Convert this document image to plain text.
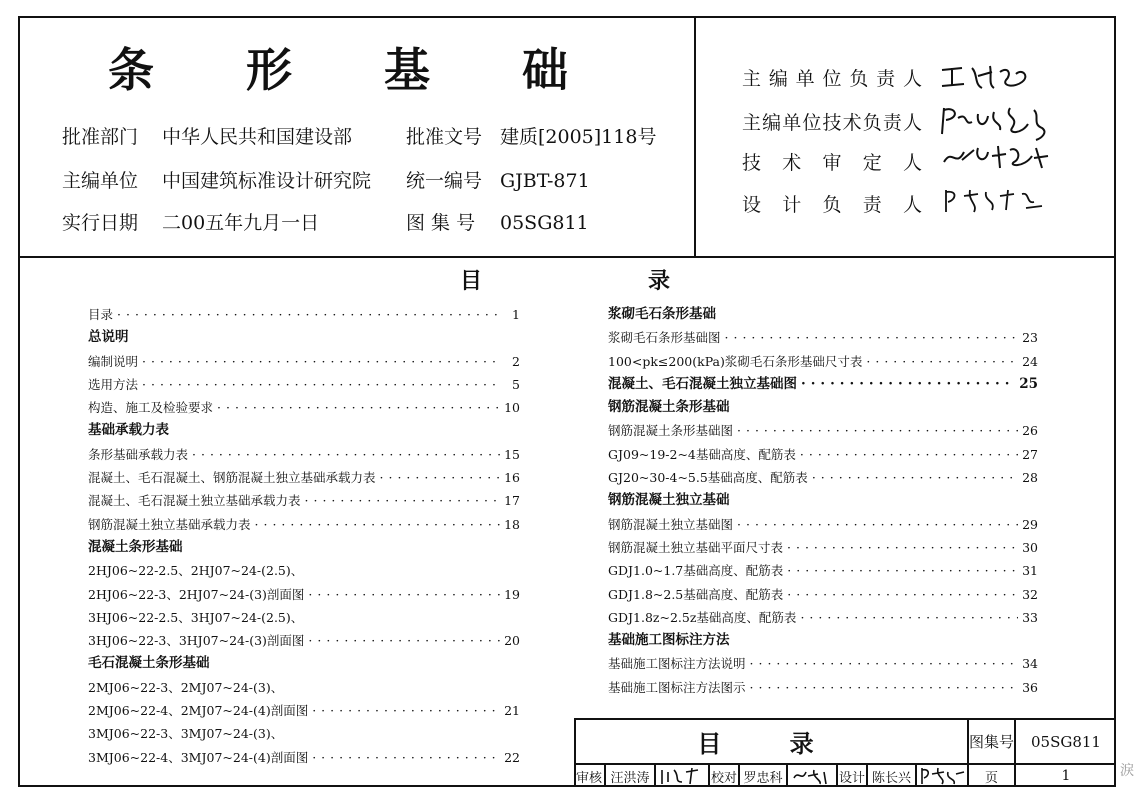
条 形 基 础
批准部门 中华人民共和国建设部	批准文号 建质[2005]118号
主编单位 中国建筑标准设计研究院 统一编号 GJBT-871
实行日期 二00五年九月一日	图 集 号 05SG811
主编单位负责人
主编单位技术负责人
技术审定人
设计负责人
目	录
目录 ·····	1
总说明
编制说明 ·····	2
选用方法 ·····	5
构造、施工及检验要求 ·····	10
基础承载力表
条形基础承载力表 ·····	15
混凝土、毛石混凝土、钢筋混凝土独立基础承载力表 ·····	16
混凝土、毛石混凝土独立基础承载力表 ·····	17
钢筋混凝土独立基础承载力表 ·····	18
混凝土条形基础
2HJ06~22-2.5、2HJ07~24-(2.5)、
2HJ06~22-3、2HJ07~24-(3)剖面图 ·····	19
3HJ06~22-2.5、3HJ07~24-(2.5)、
3HJ06~22-3、3HJ07~24-(3)剖面图 ·····	20
毛石混凝土条形基础
2MJ06~22-3、2MJ07~24-(3)、
2MJ06~22-4、2MJ07~24-(4)剖面图 ·····	21
3MJ06~22-3、3MJ07~24-(3)、
3MJ06~22-4、3MJ07~24-(4)剖面图 ·····	22
浆砌毛石条形基础
浆砌毛石条形基础图 ·····	23
100<pk≤200(kPa)浆砌毛石条形基础尺寸表 ·····	24
混凝土、毛石混凝土独立基础图 ·····	25
钢筋混凝土条形基础
钢筋混凝土条形基础图 ·····	26
GJ09~19-2~4基础高度、配筋表 ·····	27
GJ20~30-4~5.5基础高度、配筋表 ·····	28
钢筋混凝土独立基础
钢筋混凝土独立基础图 ·····	29
钢筋混凝土独立基础平面尺寸表 ·····	30
GDJ1.0~1.7基础高度、配筋表 ·····	31
GDJ1.8~2.5基础高度、配筋表 ·····	32
GDJ1.8z~2.5z基础高度、配筋表 ·····	33
基础施工图标注方法
基础施工图标注方法说明 ·····	34
基础施工图标注方法图示 ·····	36
目 录	图集号	05SG811
审核 汪洪涛	校对 罗忠科	设计 陈长兴	页	1	淚
